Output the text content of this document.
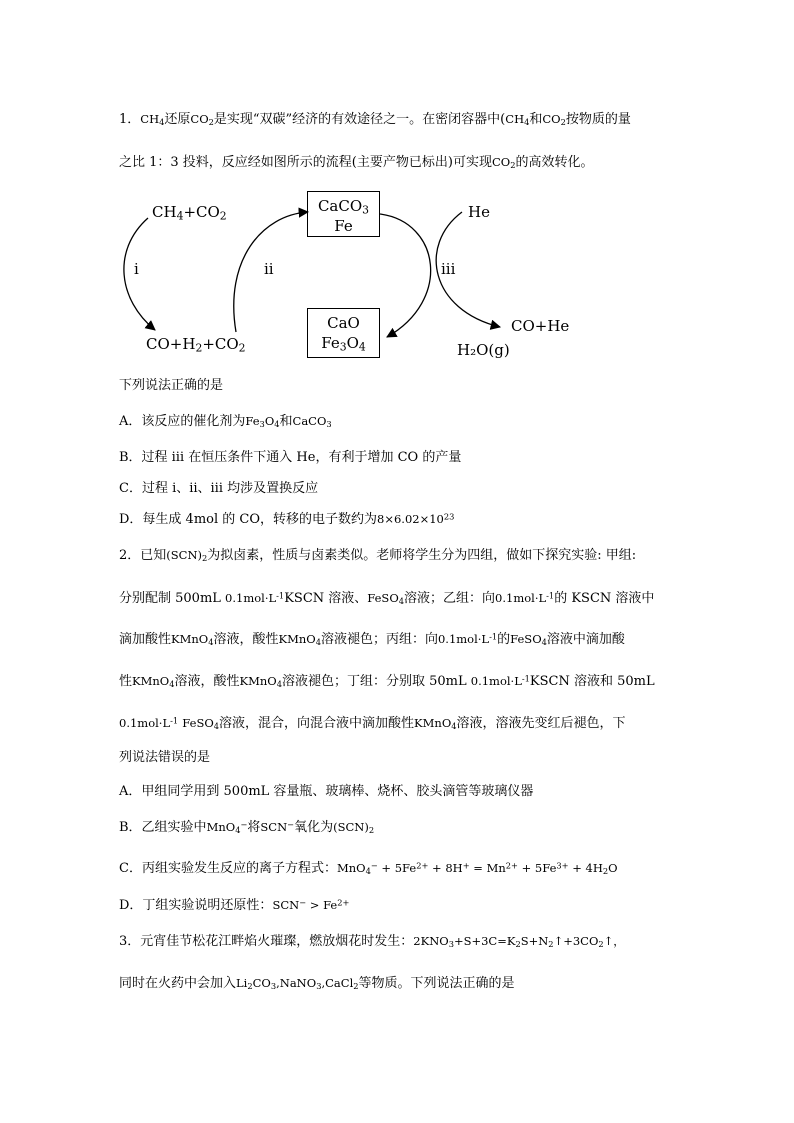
1．$CH_4$还原$CO_2$是实现“双碳”经济的有效途径之一。在密闭容器中($CH_4$和$CO_2$按物质的量
之比 1：3 投料，反应经如图所示的流程(主要产物已标出)可实现$CO_2$的高效转化。
$CH_4+CO_2$
CaCO$_3$
Fe
He
i	ii	iii
CaO
$Fe_3O_4$
$CO+H_2+CO_2$
CO+He
H₂O(g)
下列说法正确的是
A．该反应的催化剂为$Fe_3O_4$和CaCO$_3$
B．过程 ⅲ 在恒压条件下通入 He，有利于增加 CO 的产量
C．过程 ⅰ、ⅱ、ⅲ 均涉及置换反应
D．每生成 4mol 的 CO，转移的电子数约为$8\times 6.02\times 10^{23}$
2．已知$(SCN)_2$为拟卤素，性质与卤素类似。老师将学生分为四组，做如下探究实验: 甲组:
分别配制 500mL $0.1mol\cdot L^{-1}KSCN$ 溶液、FeSO$_4$溶液；乙组：向$0.1mol\cdot L^{-1}$的 KSCN 溶液中
滴加酸性KMnO$_4$溶液，酸性KMnO$_4$溶液褪色；丙组：向$0.1mol\cdot L^{-1}$的FeSO$_4$溶液中滴加酸
性KMnO$_4$溶液，酸性KMnO$_4$溶液褪色；丁组：分别取 50mL $0.1mol\cdot L^{-1}KSCN$ 溶液和 50mL
$0.1mol\cdot L^{-1}$ FeSO$_4$溶液，混合，向混合液中滴加酸性KMnO$_4$溶液，溶液先变红后褪色，下
列说法错误的是
A．甲组同学用到 500mL 容量瓶、玻璃棒、烧杯、胶头滴管等玻璃仪器
B．乙组实验中MnO$_4$−将SCN−氧化为$(SCN)_2$
C．丙组实验发生反应的离子方程式：$MnO_4^- + 5Fe^{2+} + 8H^+ = Mn^{2+} + 5Fe^{3+} + 4H_2O$
D．丁组实验说明还原性：$SCN^- > Fe^{2+}$
3．元宵佳节松花江畔焰火璀璨，燃放烟花时发生：$2KNO_3+S+3C=K_2S+N_2↑+3CO_2↑$，
同时在火药中会加入$Li_2CO_3,NaNO_3,CaCl_2$等物质。下列说法正确的是
